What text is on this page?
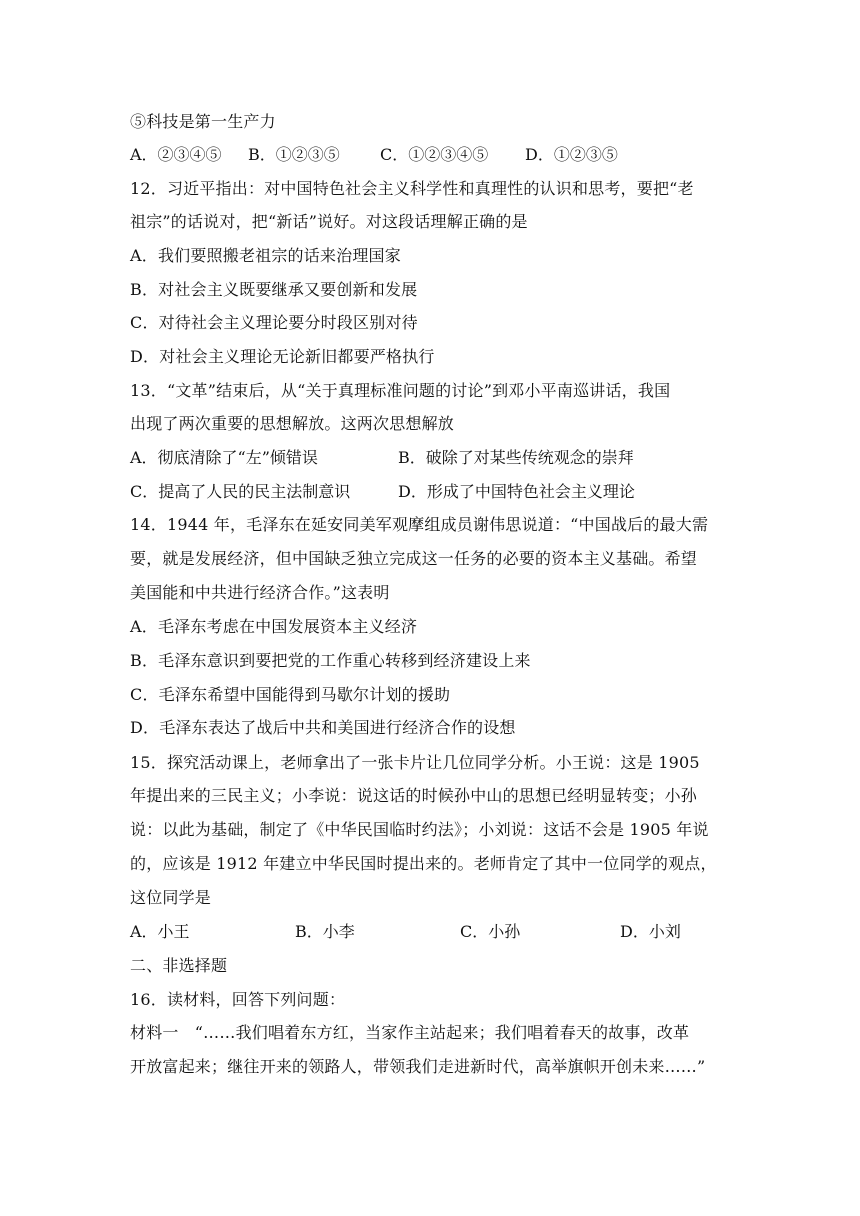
⑤科技是第一生产力
A．②③④⑤ B．①②③⑤	C．①②③④⑤ D．①②③⑤
12．习近平指出：对中国特色社会主义科学性和真理性的认识和思考，要把“老
祖宗”的话说对，把“新话”说好。对这段话理解正确的是
A．我们要照搬老祖宗的话来治理国家
B．对社会主义既要继承又要创新和发展
C．对待社会主义理论要分时段区别对待
D．对社会主义理论无论新旧都要严格执行
13．“文革”结束后，从“关于真理标准问题的讨论”到邓小平南巡讲话，我国
出现了两次重要的思想解放。这两次思想解放
A．彻底清除了“左”倾错误	B．破除了对某些传统观念的崇拜
C．提高了人民的民主法制意识	D．形成了中国特色社会主义理论
14．1944 年，毛泽东在延安同美军观摩组成员谢伟思说道：“中国战后的最大需
要，就是发展经济，但中国缺乏独立完成这一任务的必要的资本主义基础。希望
美国能和中共进行经济合作。”这表明
A．毛泽东考虑在中国发展资本主义经济
B．毛泽东意识到要把党的工作重心转移到经济建设上来
C．毛泽东希望中国能得到马歇尔计划的援助
D．毛泽东表达了战后中共和美国进行经济合作的设想
15．探究活动课上，老师拿出了一张卡片让几位同学分析。小王说：这是 1905
年提出来的三民主义；小李说：说这话的时候孙中山的思想已经明显转变；小孙
说：以此为基础，制定了《中华民国临时约法》；小刘说：这话不会是 1905 年说
的，应该是 1912 年建立中华民国时提出来的。老师肯定了其中一位同学的观点，
这位同学是
A．小王	B．小李	C．小孙	D．小刘
二、非选择题
16．读材料，回答下列问题：
材料一　“……我们唱着东方红，当家作主站起来；我们唱着春天的故事，改革
开放富起来；继往开来的领路人，带领我们走进新时代，高举旗帜开创未来……”
